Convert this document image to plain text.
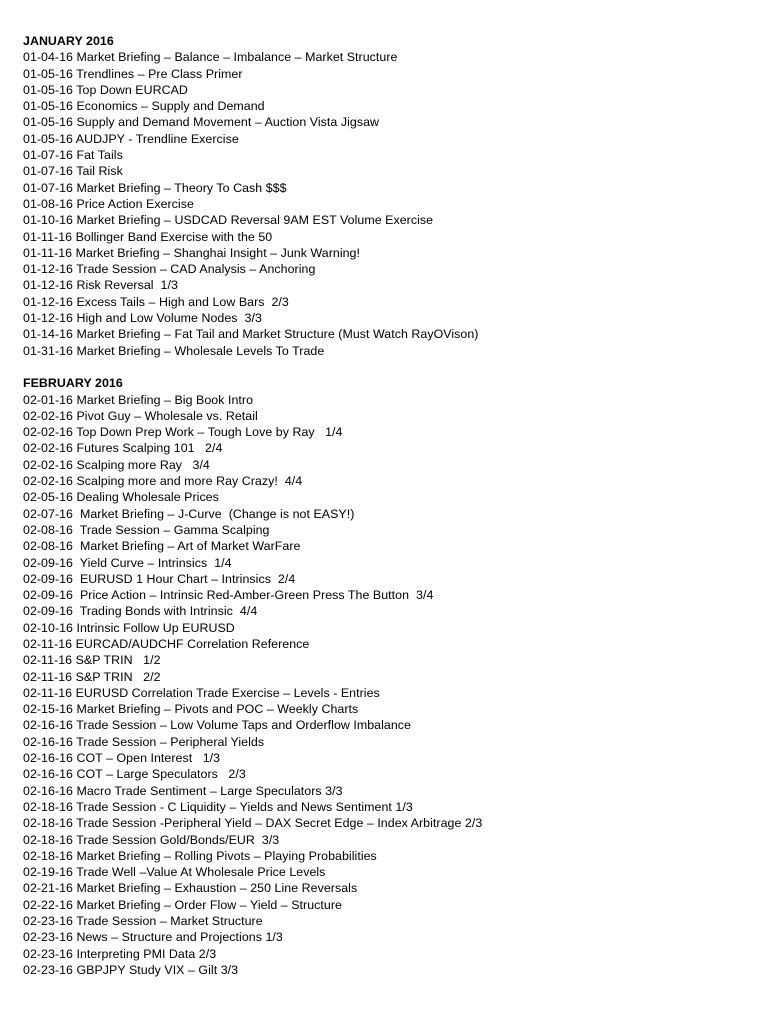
JANUARY 2016
01-04-16 Market Briefing – Balance – Imbalance – Market Structure
01-05-16 Trendlines – Pre Class Primer
01-05-16 Top Down EURCAD
01-05-16 Economics – Supply and Demand
01-05-16 Supply and Demand Movement – Auction Vista Jigsaw
01-05-16 AUDJPY - Trendline Exercise
01-07-16 Fat Tails
01-07-16 Tail Risk
01-07-16 Market Briefing – Theory To Cash $$$
01-08-16 Price Action Exercise
01-10-16 Market Briefing – USDCAD Reversal 9AM EST Volume Exercise
01-11-16 Bollinger Band Exercise with the 50
01-11-16 Market Briefing – Shanghai Insight – Junk Warning!
01-12-16 Trade Session – CAD Analysis – Anchoring
01-12-16 Risk Reversal  1/3
01-12-16 Excess Tails – High and Low Bars  2/3
01-12-16 High and Low Volume Nodes  3/3
01-14-16 Market Briefing – Fat Tail and Market Structure (Must Watch RayOVison)
01-31-16 Market Briefing – Wholesale Levels To Trade
FEBRUARY 2016
02-01-16 Market Briefing – Big Book Intro
02-02-16 Pivot Guy – Wholesale vs. Retail
02-02-16 Top Down Prep Work – Tough Love by Ray   1/4
02-02-16 Futures Scalping 101   2/4
02-02-16 Scalping more Ray   3/4
02-02-16 Scalping more and more Ray Crazy!  4/4
02-05-16 Dealing Wholesale Prices
02-07-16  Market Briefing – J-Curve  (Change is not EASY!)
02-08-16  Trade Session – Gamma Scalping
02-08-16  Market Briefing – Art of Market WarFare
02-09-16  Yield Curve – Intrinsics  1/4
02-09-16  EURUSD 1 Hour Chart – Intrinsics  2/4
02-09-16  Price Action – Intrinsic Red-Amber-Green Press The Button  3/4
02-09-16  Trading Bonds with Intrinsic  4/4
02-10-16 Intrinsic Follow Up EURUSD
02-11-16 EURCAD/AUDCHF Correlation Reference
02-11-16 S&P TRIN   1/2
02-11-16 S&P TRIN   2/2
02-11-16 EURUSD Correlation Trade Exercise – Levels - Entries
02-15-16 Market Briefing – Pivots and POC – Weekly Charts
02-16-16 Trade Session – Low Volume Taps and Orderflow Imbalance
02-16-16 Trade Session – Peripheral Yields
02-16-16 COT – Open Interest   1/3
02-16-16 COT – Large Speculators   2/3
02-16-16 Macro Trade Sentiment – Large Speculators 3/3
02-18-16 Trade Session - C Liquidity – Yields and News Sentiment 1/3
02-18-16 Trade Session -Peripheral Yield – DAX Secret Edge – Index Arbitrage 2/3
02-18-16 Trade Session Gold/Bonds/EUR  3/3
02-18-16 Market Briefing – Rolling Pivots – Playing Probabilities
02-19-16 Trade Well –Value At Wholesale Price Levels
02-21-16 Market Briefing – Exhaustion – 250 Line Reversals
02-22-16 Market Briefing – Order Flow – Yield – Structure
02-23-16 Trade Session – Market Structure
02-23-16 News – Structure and Projections 1/3
02-23-16 Interpreting PMI Data 2/3
02-23-16 GBPJPY Study VIX – Gilt 3/3
